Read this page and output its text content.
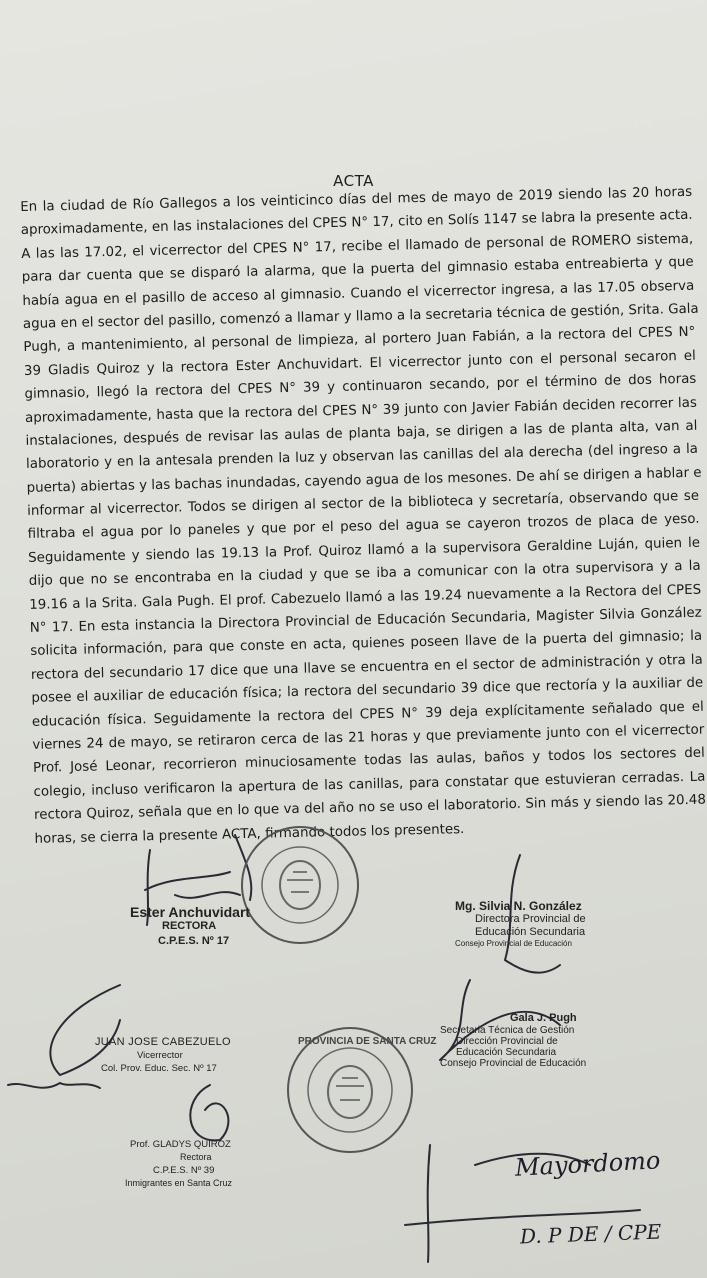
ACTA
En la ciudad de Río Gallegos a los veinticinco días del mes de mayo de 2019 siendo las 20 horas
aproximadamente, en las instalaciones del CPES N° 17, cito en Solís 1147 se labra la presente acta.
A las las 17.02, el vicerrector del CPES N° 17, recibe el llamado de personal de ROMERO sistema,
para dar cuenta que se disparó la alarma, que la puerta del gimnasio estaba entreabierta y que
había agua en el pasillo de acceso al gimnasio. Cuando el vicerrector ingresa, a las 17.05 observa
agua en el sector del pasillo, comenzó a llamar y llamo a la secretaria técnica de gestión, Srita. Gala
Pugh, a mantenimiento, al personal de limpieza, al portero Juan Fabián, a la rectora del CPES N°
39 Gladis Quiroz y la rectora Ester Anchuvidart. El vicerrector junto con el personal secaron el
gimnasio, llegó la rectora del CPES N° 39 y continuaron secando, por el término de dos horas
aproximadamente, hasta que la rectora del CPES N° 39 junto con Javier Fabián deciden recorrer las
instalaciones, después de revisar las aulas de planta baja, se dirigen a las de planta alta, van al
laboratorio y en la antesala prenden la luz y observan las canillas del ala derecha (del ingreso a la
puerta) abiertas y las bachas inundadas, cayendo agua de los mesones. De ahí se dirigen a hablar e
informar al vicerrector. Todos se dirigen al sector de la biblioteca y secretaría, observando que se
filtraba el agua por lo paneles y que por el peso del agua se cayeron trozos de placa de yeso.
Seguidamente y siendo las 19.13 la Prof. Quiroz llamó a la supervisora Geraldine Luján, quien le
dijo que no se encontraba en la ciudad y que se iba a comunicar con la otra supervisora y a la
19.16 a la Srita. Gala Pugh. El prof. Cabezuelo llamó a las 19.24 nuevamente a la Rectora del CPES
N° 17. En esta instancia la Directora Provincial de Educación Secundaria, Magister Silvia González
solicita información, para que conste en acta, quienes poseen llave de la puerta del gimnasio; la
rectora del secundario 17 dice que una llave se encuentra en el sector de administración y otra la
posee el auxiliar de educación física; la rectora del secundario 39 dice que rectoría y la auxiliar de
educación física. Seguidamente la rectora del CPES N° 39 deja explícitamente señalado que el
viernes 24 de mayo, se retiraron cerca de las 21 horas y que previamente junto con el vicerrector
Prof. José Leonar, recorrieron minuciosamente todas las aulas, baños y todos los sectores del
colegio, incluso verificaron la apertura de las canillas, para constatar que estuvieran cerradas. La
rectora Quiroz, señala que en lo que va del año no se uso el laboratorio. Sin más y siendo las 20.48
horas, se cierra la presente ACTA, firmando todos los presentes.
PROVINCIA DE SANTA CRUZ
Ester Anchuvidart
RECTORA
C.P.E.S. Nº 17
Mg. Silvia N. González
Directora Provincial de
Educación Secundaria
Consejo Provincial de Educación
Gala J. Pugh
Secretaria Técnica de Gestión
Dirección Provincial de
Educación Secundaria
Consejo Provincial de Educación
JUAN JOSE CABEZUELO
Vicerrector
Col. Prov. Educ. Sec. Nº 17
Prof. GLADYS QUIROZ
Rectora
C.P.E.S. Nº 39
Inmigrantes en Santa Cruz
Mayordomo
D. P DE / CPE
